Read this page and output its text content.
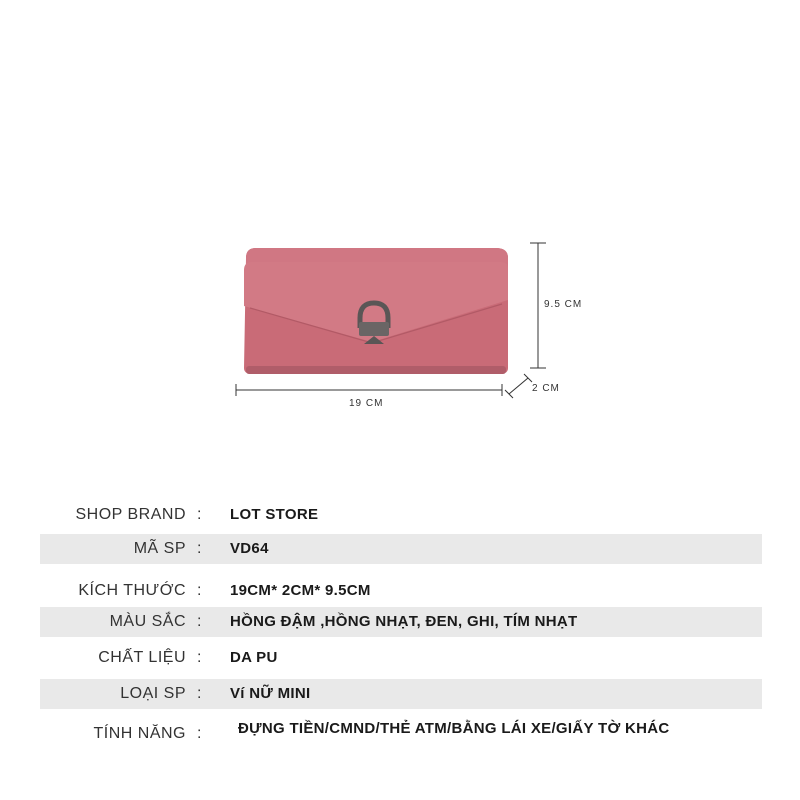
19 CM
9.5 CM
2 CM
SHOP BRAND : LOT STORE
MÃ SP : VD64
KÍCH THƯỚC : 19CM* 2CM* 9.5CM
MÀU SẮC : HỒNG ĐẬM ,HỒNG NHẠT, ĐEN, GHI, TÍM NHẠT
CHẤT LIỆU : DA PU
LOẠI SP : Ví NỮ MINI
TÍNH NĂNG : ĐỰNG TIỀN/CMND/THẺ ATM/BẰNG LÁI XE/GIẤY TỜ KHÁC
